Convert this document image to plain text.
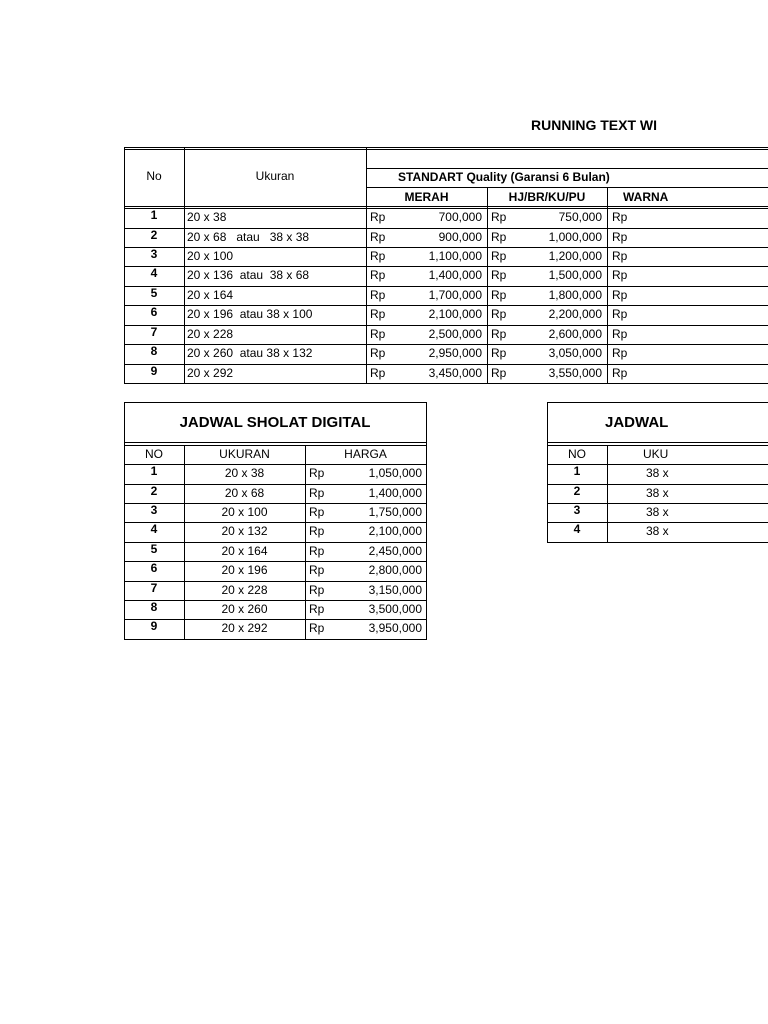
RUNNING TEXT WI
No	Ukuran	STANDART Quality (Garansi 6 Bulan)
MERAH	HJ/BR/KU/PU	WARNA
1	20 x 38	Rp	700,000 Rp	750,000 Rp
2	20 x 68   atau   38 x 38	Rp	900,000 Rp	1,000,000 Rp
3	20 x 100	Rp	1,100,000 Rp	1,200,000 Rp
4	20 x 136  atau  38 x 68	Rp	1,400,000 Rp	1,500,000 Rp
5	20 x 164	Rp	1,700,000 Rp	1,800,000 Rp
6	20 x 196  atau 38 x 100	Rp	2,100,000 Rp	2,200,000 Rp
7	20 x 228	Rp	2,500,000 Rp	2,600,000 Rp
8	20 x 260  atau 38 x 132	Rp	2,950,000 Rp	3,050,000 Rp
9	20 x 292	Rp	3,450,000 Rp	3,550,000 Rp
JADWAL SHOLAT DIGITAL
NO	UKURAN	HARGA
1	20 x 38	Rp	1,050,000
2	20 x 68	Rp	1,400,000
3	20 x 100	Rp	1,750,000
4	20 x 132	Rp	2,100,000
5	20 x 164	Rp	2,450,000
6	20 x 196	Rp	2,800,000
7	20 x 228	Rp	3,150,000
8	20 x 260	Rp	3,500,000
9	20 x 292	Rp	3,950,000
JADWAL
NO	UKU
1	38 x
2	38 x
3	38 x
4	38 x
